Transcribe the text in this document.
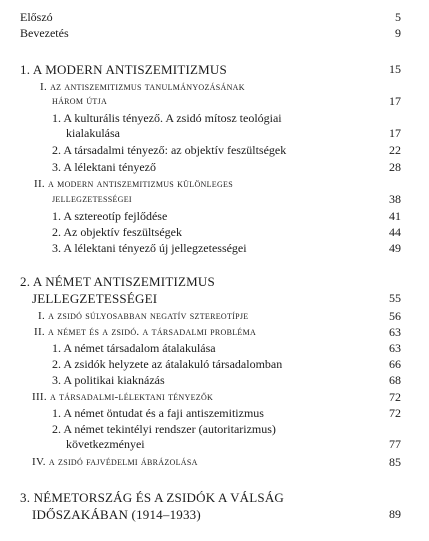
Előszó	5
Bevezetés	9
1. A MODERN ANTISZEMITIZMUS	15
I. az antiszemitizmus tanulmányozásának
három útja	17
1. A kulturális tényező. A zsidó mítosz teológiai
kialakulása	17
2. A társadalmi tényező: az objektív feszültségek	22
3. A lélektani tényező	28
II. a modern antiszemitizmus különleges
jellegzetességei	38
1. A sztereotíp fejlődése	41
2. Az objektív feszültségek	44
3. A lélektani tényező új jellegzetességei	49
2. A NÉMET ANTISZEMITIZMUS
JELLEGZETESSÉGEI	55
I. a zsidó súlyosabban negatív sztereotípje	56
II. a német és a zsidó. a társadalmi probléma	63
1. A német társadalom átalakulása	63
2. A zsidók helyzete az átalakuló társadalomban	66
3. A politikai kiaknázás	68
III. a társadalmi-lélektani tényezők	72
1. A német öntudat és a faji antiszemitizmus	72
2. A német tekintélyi rendszer (autoritarizmus)
következményei	77
IV. a zsidó fajvédelmi ábrázolása	85
3. NÉMETORSZÁG ÉS A ZSIDÓK A VÁLSÁG
IDŐSZAKÁBAN (1914–1933)	89
